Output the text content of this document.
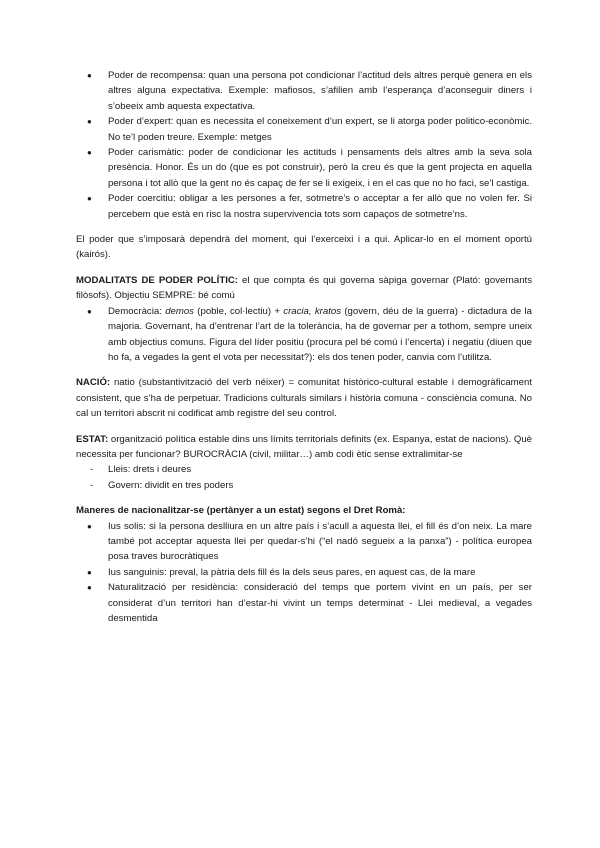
● Poder de recompensa: quan una persona pot condicionar l’actitud dels altres perquè genera en els altres alguna expectativa. Exemple: mafiosos, s’afilien amb l’esperança d’aconseguir diners i s’obeeix amb aquesta expectativa.
● Poder d’expert: quan es necessita el coneixement d’un expert, se li atorga poder politico-econòmic. No te’l poden treure. Exemple: metges
● Poder carismàtic: poder de condicionar les actituds i pensaments dels altres amb la seva sola presència. Honor. És un do (que es pot construir), però la creu és que la gent projecta en aquella persona i tot allò que la gent no és capaç de fer se li exigeix, i en el cas que no ho faci, se’l castiga.
● Poder coercitiu: obligar a les persones a fer, sotmetre’s o acceptar a fer allò que no volen fer. Si percebem que està en risc la nostra supervivencia tots som capaços de sotmetre’ns.

El poder que s’imposarà dependrà del moment, qui l’exerceixi i a qui. Aplicar-lo en el moment oportú (kairós).

MODALITATS DE PODER POLÍTIC: el que compta és qui governa sàpiga governar (Plató: governants filòsofs). Objectiu SEMPRE: bé comú

● Democràcia: demos (poble, col·lectiu) + cracia, kratos (govern, déu de la guerra) - dictadura de la majoria. Governant, ha d’entrenar l’art de la tolerància, ha de governar per a tothom, sempre uneix amb objectius comuns. Figura del líder positiu (procura pel bé comú i l’encerta) i negatiu (diuen que ho fa, a vegades la gent el vota per necessitat?): els dos tenen poder, canvia com l’utilitza.

NACIÓ: natio (substantivització del verb néixer) = comunitat històrico-cultural estable i demogràficament consistent, que s’ha de perpetuar. Tradicions culturals similars i història comuna - consciència comuna. No cal un territori abscrit ni codificat amb registre del seu control.

ESTAT: organització política estable dins uns límits territorials definits (ex. Espanya, estat de nacions). Què necessita per funcionar? BUROCRÀCIA (civil, militar…) amb codi ètic sense extralimitar-se

- Lleis: drets i deures
- Govern: dividit en tres poders

Maneres de nacionalitzar-se (pertànyer a un estat) segons el Dret Romà:

● Ius solis: si la persona deslliura en un altre país i s’acull a aquesta llei, el fill és d’on neix. La mare també pot acceptar aquesta llei per quedar-s’hi (“el nadó segueix a la panxa”) - política europea posa traves burocràtiques
● Ius sanguinis: preval, la pàtria dels fill és la dels seus pares, en aquest cas, de la mare
● Naturalització per residència: consideració del temps que portem vivint en un país, per ser considerat d’un territori han d’estar-hi vivint un temps determinat - Llei medieval, a vegades desmentida
